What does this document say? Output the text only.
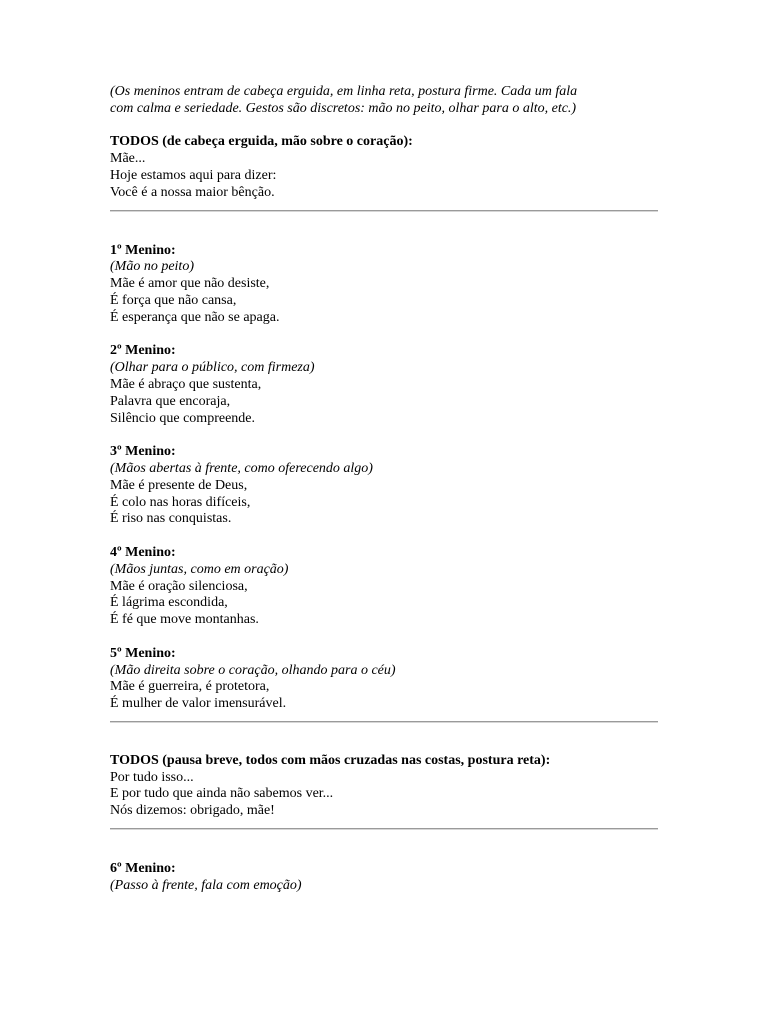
(Os meninos entram de cabeça erguida, em linha reta, postura firme. Cada um fala
com calma e seriedade. Gestos são discretos: mão no peito, olhar para o alto, etc.)
TODOS (de cabeça erguida, mão sobre o coração):
Mãe...
Hoje estamos aqui para dizer:
Você é a nossa maior bênção.
1º Menino:
(Mão no peito)
Mãe é amor que não desiste,
É força que não cansa,
É esperança que não se apaga.
2º Menino:
(Olhar para o público, com firmeza)
Mãe é abraço que sustenta,
Palavra que encoraja,
Silêncio que compreende.
3º Menino:
(Mãos abertas à frente, como oferecendo algo)
Mãe é presente de Deus,
É colo nas horas difíceis,
É riso nas conquistas.
4º Menino:
(Mãos juntas, como em oração)
Mãe é oração silenciosa,
É lágrima escondida,
É fé que move montanhas.
5º Menino:
(Mão direita sobre o coração, olhando para o céu)
Mãe é guerreira, é protetora,
É mulher de valor imensurável.
TODOS (pausa breve, todos com mãos cruzadas nas costas, postura reta):
Por tudo isso...
E por tudo que ainda não sabemos ver...
Nós dizemos: obrigado, mãe!
6º Menino:
(Passo à frente, fala com emoção)
